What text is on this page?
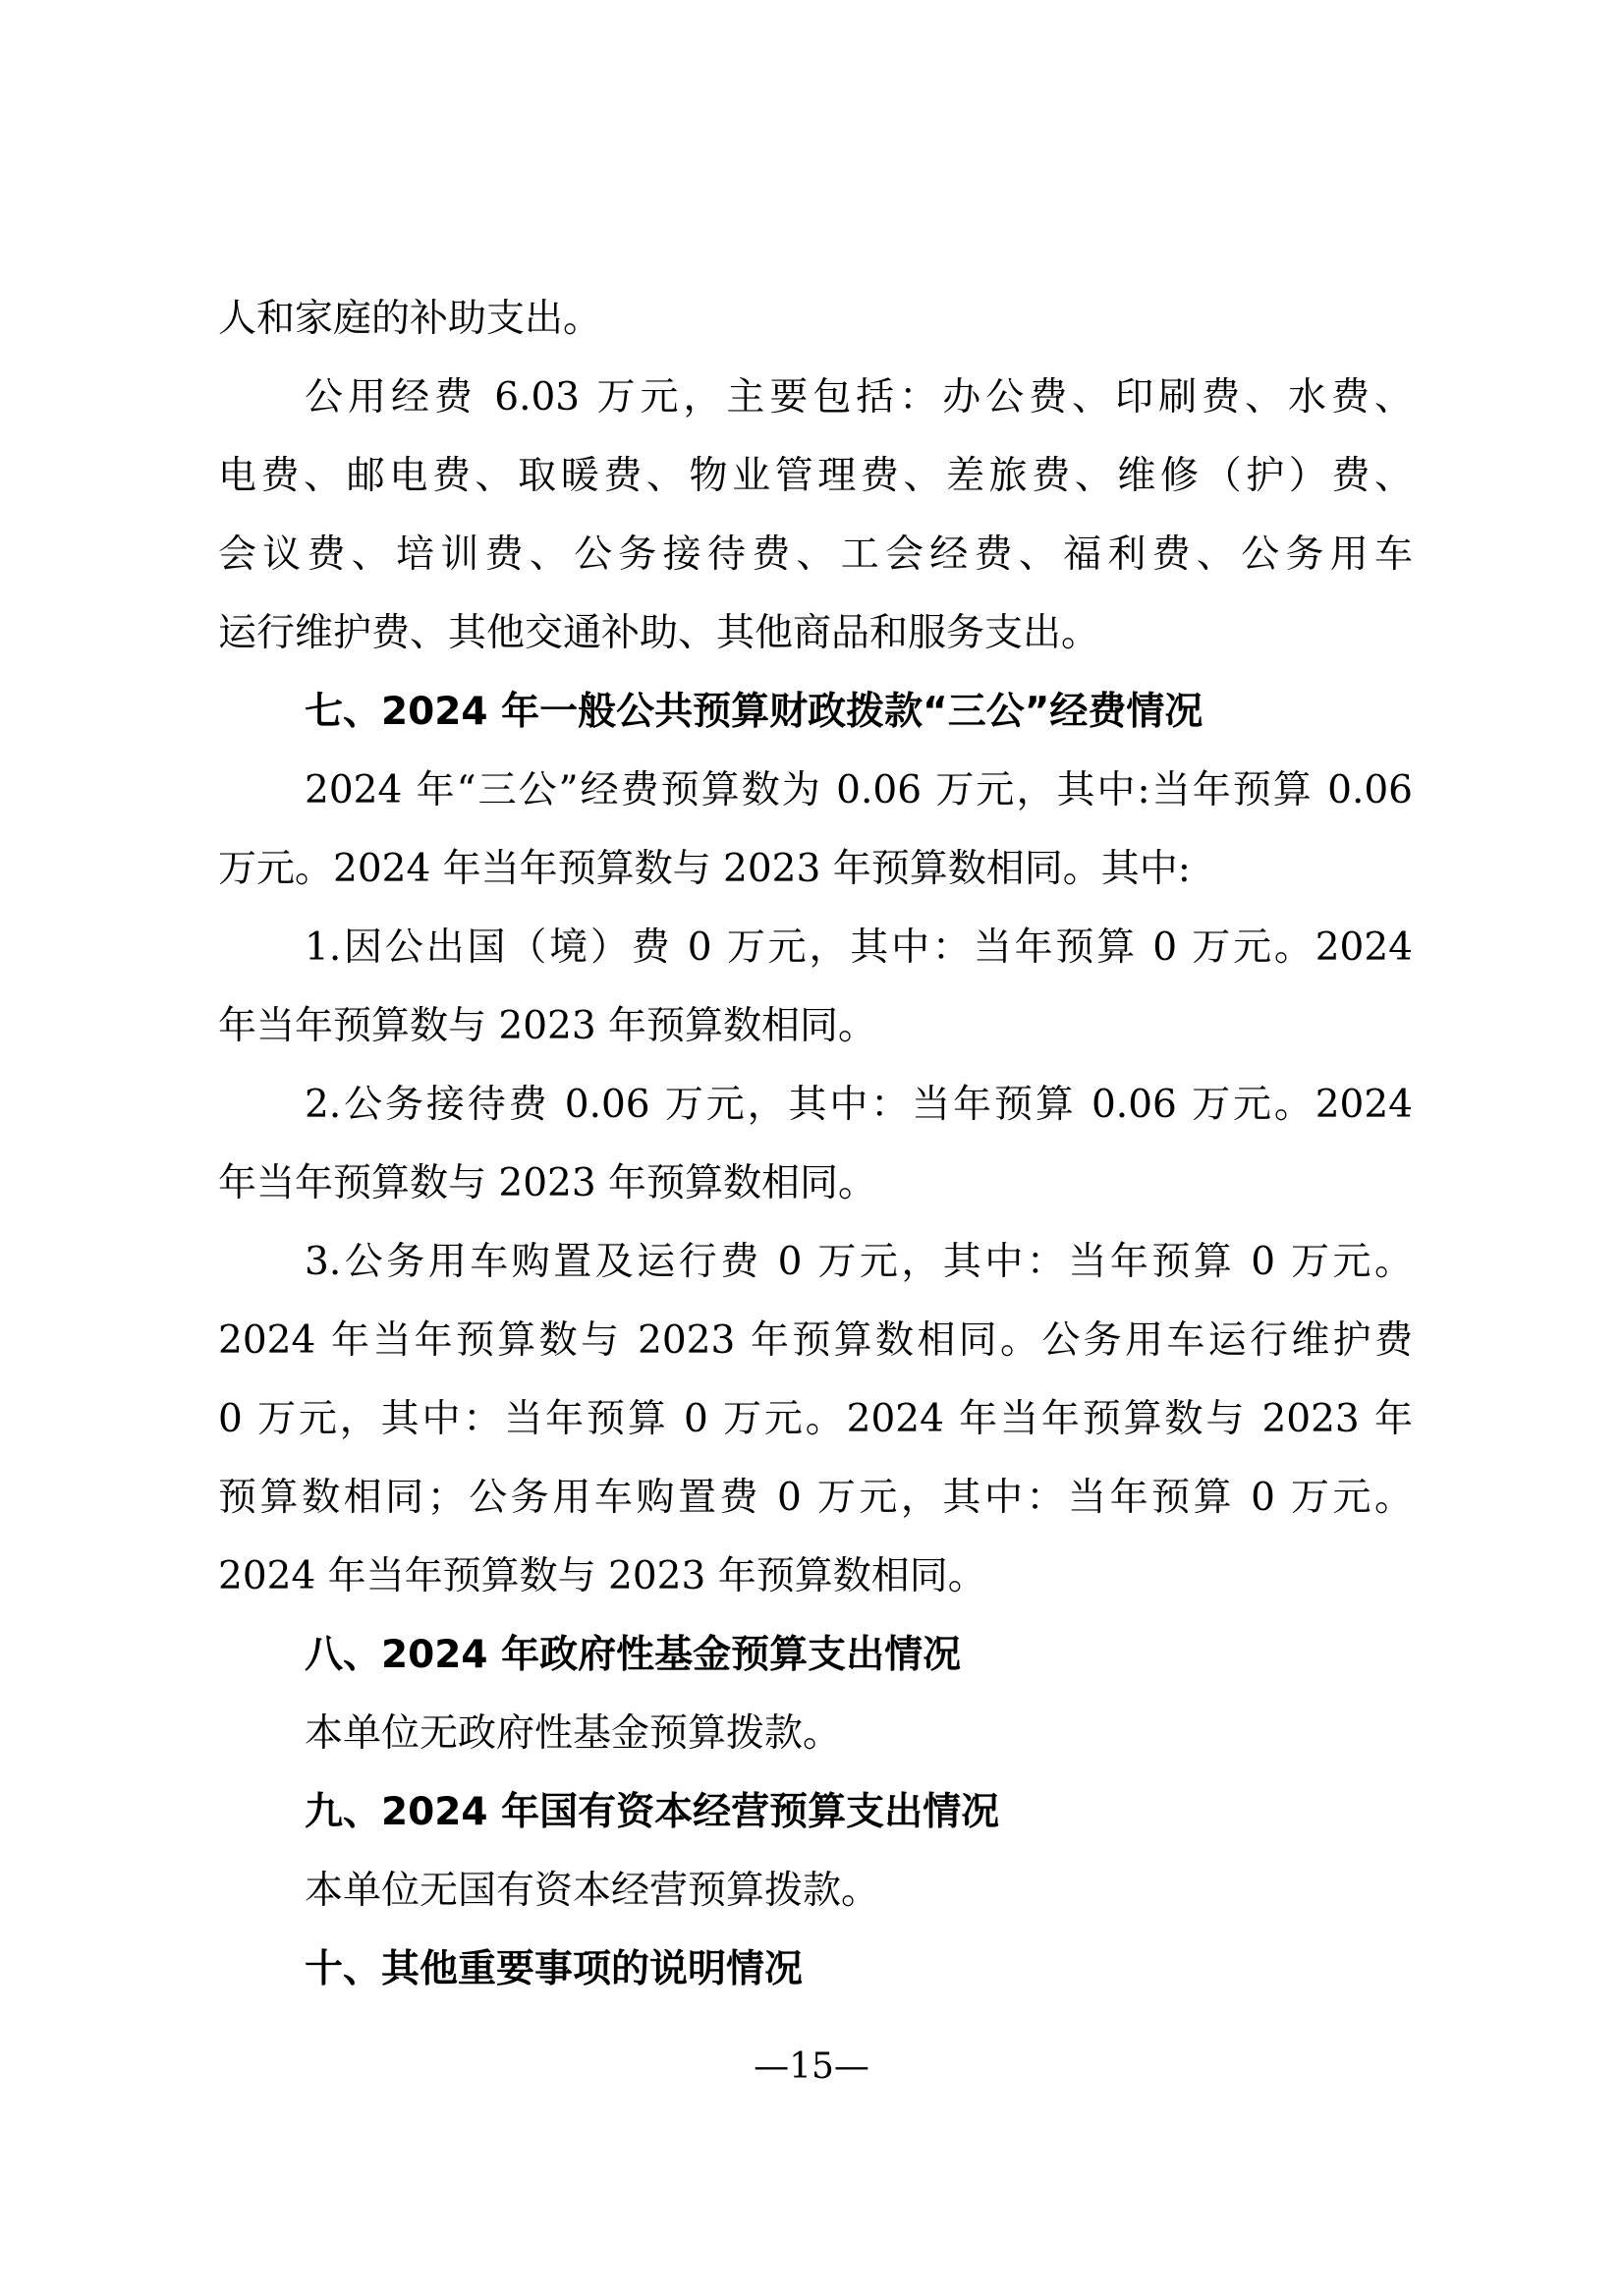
人和家庭的补助支出。
公用经费 6.03 万元，主要包括：办公费、印刷费、水费、
电费、邮电费、取暖费、物业管理费、差旅费、维修（护）费、
会议费、培训费、公务接待费、工会经费、福利费、公务用车
运行维护费、其他交通补助、其他商品和服务支出。
七、2024 年一般公共预算财政拨款“三公”经费情况
2024 年“三公”经费预算数为 0.06 万元，其中:当年预算 0.06
万元。2024 年当年预算数与 2023 年预算数相同。其中:
1.因公出国（境）费 0 万元，其中：当年预算 0 万元。2024
年当年预算数与 2023 年预算数相同。
2.公务接待费 0.06 万元，其中：当年预算 0.06 万元。2024
年当年预算数与 2023 年预算数相同。
3.公务用车购置及运行费 0 万元，其中：当年预算 0 万元。
2024 年当年预算数与 2023 年预算数相同。公务用车运行维护费
0 万元，其中：当年预算 0 万元。2024 年当年预算数与 2023 年
预算数相同；公务用车购置费 0 万元，其中：当年预算 0 万元。
2024 年当年预算数与 2023 年预算数相同。
八、2024 年政府性基金预算支出情况
本单位无政府性基金预算拨款。
九、2024 年国有资本经营预算支出情况
本单位无国有资本经营预算拨款。
十、其他重要事项的说明情况
—15—
